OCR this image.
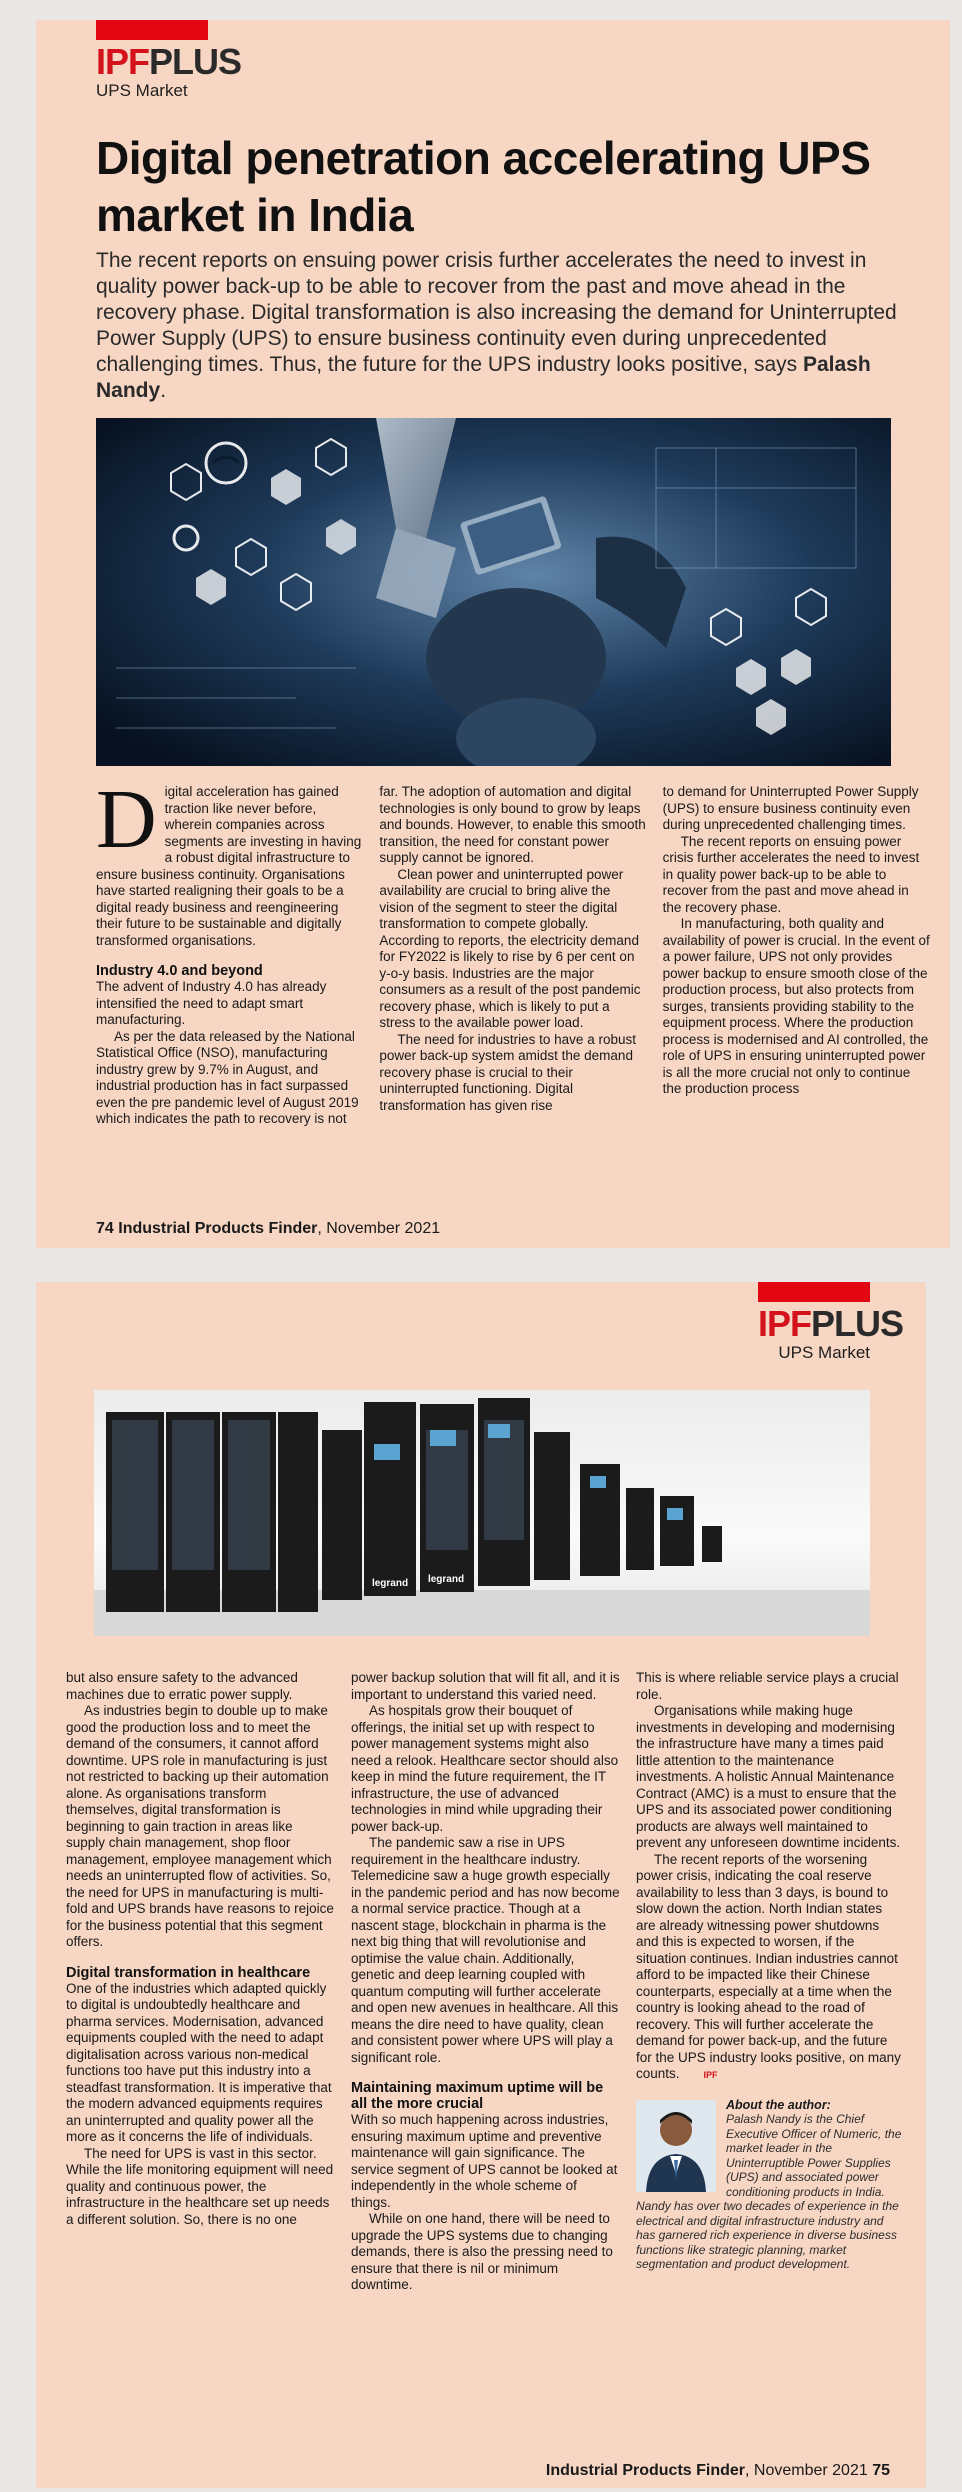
IPFPLUS
UPS Market
Digital penetration accelerating UPS market in India
The recent reports on ensuing power crisis further accelerates the need to invest in quality power back-up to be able to recover from the past and move ahead in the recovery phase. Digital transformation is also increasing the demand for Uninterrupted Power Supply (UPS) to ensure business continuity even during unprecedented challenging times. Thus, the future for the UPS industry looks positive, says Palash Nandy.

Digital acceleration has gained traction like never before, wherein companies across segments are investing in having a robust digital infrastructure to ensure business continuity. Organisations have started realigning their goals to be a digital ready business and reengineering their future to be sustainable and digitally transformed organisations.

Industry 4.0 and beyond

The advent of Industry 4.0 has already intensified the need to adapt smart manufacturing.

As per the data released by the National Statistical Office (NSO), manufacturing industry grew by 9.7% in August, and industrial production has in fact surpassed even the pre pandemic level of August 2019 which indicates the path to recovery is not

far. The adoption of automation and digital technologies is only bound to grow by leaps and bounds. However, to enable this smooth transition, the need for constant power supply cannot be ignored.

Clean power and uninterrupted power availability are crucial to bring alive the vision of the segment to steer the digital transformation to compete globally. According to reports, the electricity demand for FY2022 is likely to rise by 6 per cent on y-o-y basis. Industries are the major consumers as a result of the post pandemic recovery phase, which is likely to put a stress to the available power load.

The need for industries to have a robust power back-up system amidst the demand recovery phase is crucial to their uninterrupted functioning. Digital transformation has given rise

to demand for Uninterrupted Power Supply (UPS) to ensure business continuity even during unprecedented challenging times.

The recent reports on ensuing power crisis further accelerates the need to invest in quality power back-up to be able to recover from the past and move ahead in the recovery phase.

In manufacturing, both quality and availability of power is crucial. In the event of a power failure, UPS not only provides power backup to ensure smooth close of the production process, but also protects from surges, transients providing stability to the equipment process. Where the production process is modernised and AI controlled, the role of UPS in ensuring uninterrupted power is all the more crucial not only to continue the production process

74 Industrial Products Finder, November 2021
IPFPLUS
UPS Market
legrand legrand

but also ensure safety to the advanced machines due to erratic power supply.

As industries begin to double up to make good the production loss and to meet the demand of the consumers, it cannot afford downtime. UPS role in manufacturing is just not restricted to backing up their automation alone. As organisations transform themselves, digital transformation is beginning to gain traction in areas like supply chain management, shop floor management, employee management which needs an uninterrupted flow of activities. So, the need for UPS in manufacturing is multi-fold and UPS brands have reasons to rejoice for the business potential that this segment offers.

Digital transformation in healthcare

One of the industries which adapted quickly to digital is undoubtedly healthcare and pharma services. Modernisation, advanced equipments coupled with the need to adapt digitalisation across various non-medical functions too have put this industry into a steadfast transformation. It is imperative that the modern advanced equipments requires an uninterrupted and quality power all the more as it concerns the life of individuals.

The need for UPS is vast in this sector. While the life monitoring equipment will need quality and continuous power, the infrastructure in the healthcare set up needs a different solution. So, there is no one

power backup solution that will fit all, and it is important to understand this varied need.

As hospitals grow their bouquet of offerings, the initial set up with respect to power management systems might also need a relook. Healthcare sector should also keep in mind the future requirement, the IT infrastructure, the use of advanced technologies in mind while upgrading their power back-up.

The pandemic saw a rise in UPS requirement in the healthcare industry. Telemedicine saw a huge growth especially in the pandemic period and has now become a normal service practice. Though at a nascent stage, blockchain in pharma is the next big thing that will revolutionise and optimise the value chain. Additionally, genetic and deep learning coupled with quantum computing will further accelerate and open new avenues in healthcare. All this means the dire need to have quality, clean and consistent power where UPS will play a significant role.

Maintaining maximum uptime will be all the more crucial

With so much happening across industries, ensuring maximum uptime and preventive maintenance will gain significance. The service segment of UPS cannot be looked at independently in the whole scheme of things.

While on one hand, there will be need to upgrade the UPS systems due to changing demands, there is also the pressing need to ensure that there is nil or minimum downtime.

This is where reliable service plays a crucial role.

Organisations while making huge investments in developing and modernising the infrastructure have many a times paid little attention to the maintenance investments. A holistic Annual Maintenance Contract (AMC) is a must to ensure that the UPS and its associated power conditioning products are always well maintained to prevent any unforeseen downtime incidents.

The recent reports of the worsening power crisis, indicating the coal reserve availability to less than 3 days, is bound to slow down the action. North Indian states are already witnessing power shutdowns and this is expected to worsen, if the situation continues. Indian industries cannot afford to be impacted like their Chinese counterparts, especially at a time when the country is looking ahead to the road of recovery. This will further accelerate the demand for power back-up, and the future for the UPS industry looks positive, on many counts.	IPF

About the author:
Palash Nandy is the Chief Executive Officer of Numeric, the market leader in the Uninterruptible Power Supplies (UPS) and associated power conditioning products in India. Nandy has over two decades of experience in the electrical and digital infrastructure industry and has garnered rich experience in diverse business functions like strategic planning, market segmentation and product development.
Industrial Products Finder, November 2021 75
